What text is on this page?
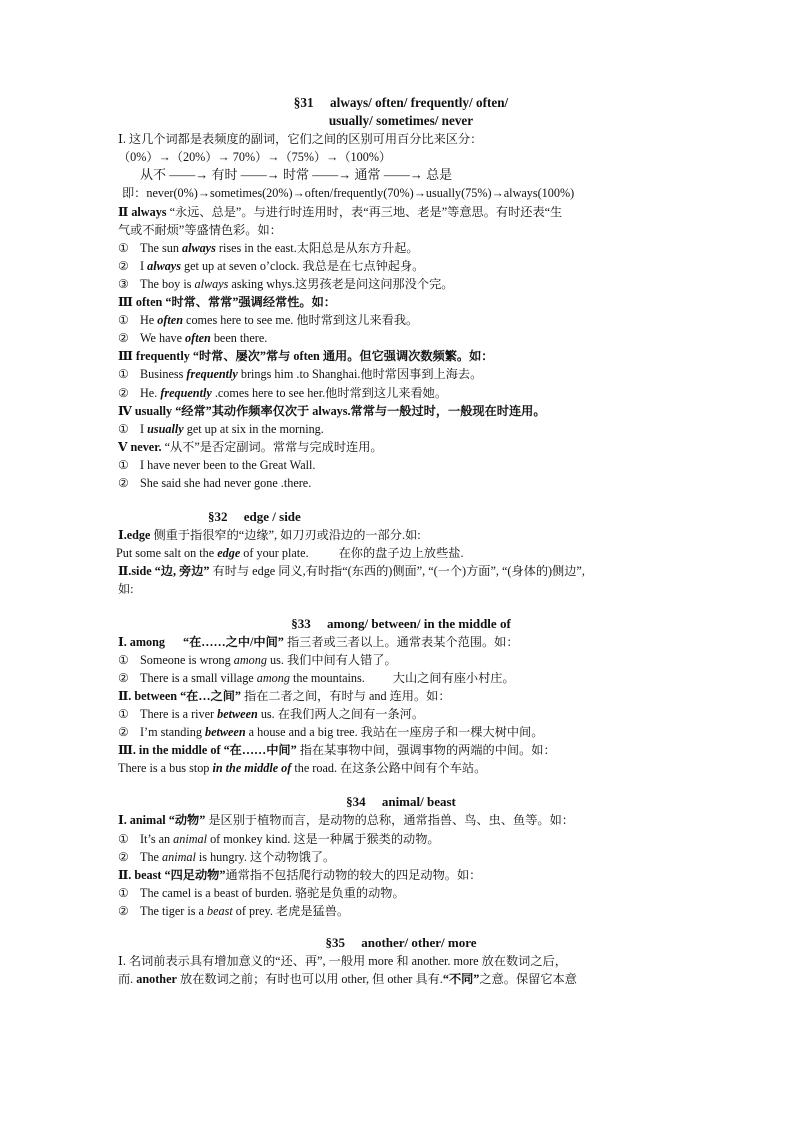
§31　 always/ often/ frequently/ often/
usually/ sometimes/ never
Ⅰ. 这几个词都是表频度的副词，它们之间的区别可用百分比来区分：
（0%）→（20%）→ 70%）→（75%）→（100%）
从不 ——→ 有时 ——→ 时常 ——→ 通常 ——→ 总是
即：never(0%)→sometimes(20%)→often/frequently(70%)→usually(75%)→always(100%)
Ⅱ always “永远、总是”。与进行时连用时，表“再三地、老是”等意思。有时还表“生
气或不耐烦”等盛情色彩。如：
① The sun always rises in the east.太阳总是从东方升起。
② I always get up at seven o’clock. 我总是在七点钟起身。
③ The boy is always asking whys.这男孩老是问这问那没个完。
Ⅲ often “时常、常常”强调经常性。如：
① He often comes here to see me. 他时常到这儿来看我。
② We have often been there.
Ⅲ frequently “时常、屡次”常与 often 通用。但它强调次数频繁。如：
① Business frequently brings him .to Shanghai.他时常因事到上海去。
② He. frequently .comes here to see her.他时常到这儿来看她。
Ⅳ usually “经常”其动作频率仅次于 always.常常与一般过时，一般现在时连用。
① I usually get up at six in the morning.
Ⅴ never. “从不”是否定副词。常常与完成时连用。
① I have never been to the Great Wall.
② She said she had never gone .there.
§32　 edge / side
Ⅰ.edge 侧重于指很窄的“边缘”, 如刀刃或沿边的一部分.如:
Put some salt on the edge of your plate. 在你的盘子边上放些盐.
Ⅱ.side “边, 旁边” 有时与 edge 同义,有时指“(东西的)侧面”, “(一个)方面”, “(身体的)侧边”,
如:
§33　 among/ between/ in the middle of
Ⅰ. among “在……之中/中间” 指三者或三者以上。通常表某个范围。如：
① Someone is wrong among us. 我们中间有人错了。
② There is a small village among the mountains. 大山之间有座小村庄。
Ⅱ. between “在…之间” 指在二者之间，有时与 and 连用。如：
① There is a river between us. 在我们两人之间有一条河。
② I’m standing between a house and a big tree. 我站在一座房子和一棵大树中间。
Ⅲ. in the middle of “在……中间” 指在某事物中间，强调事物的两端的中间。如：
There is a bus stop in the middle of the road. 在这条公路中间有个车站。
§34　 animal/ beast
Ⅰ. animal “动物” 是区别于植物而言，是动物的总称，通常指兽、鸟、虫、鱼等。如：
① It’s an animal of monkey kind. 这是一种属于猴类的动物。
② The animal is hungry. 这个动物饿了。
Ⅱ. beast “四足动物”通常指不包括爬行动物的较大的四足动物。如：
① The camel is a beast of burden. 骆驼是负重的动物。
② The tiger is a beast of prey. 老虎是猛兽。
§35　 another/ other/ more
Ⅰ. 名词前表示具有增加意义的“还、再”, 一般用 more 和 another. more 放在数词之后，
而. another 放在数词之前；有时也可以用 other, 但 other 具有.“不同”之意。保留它本意
